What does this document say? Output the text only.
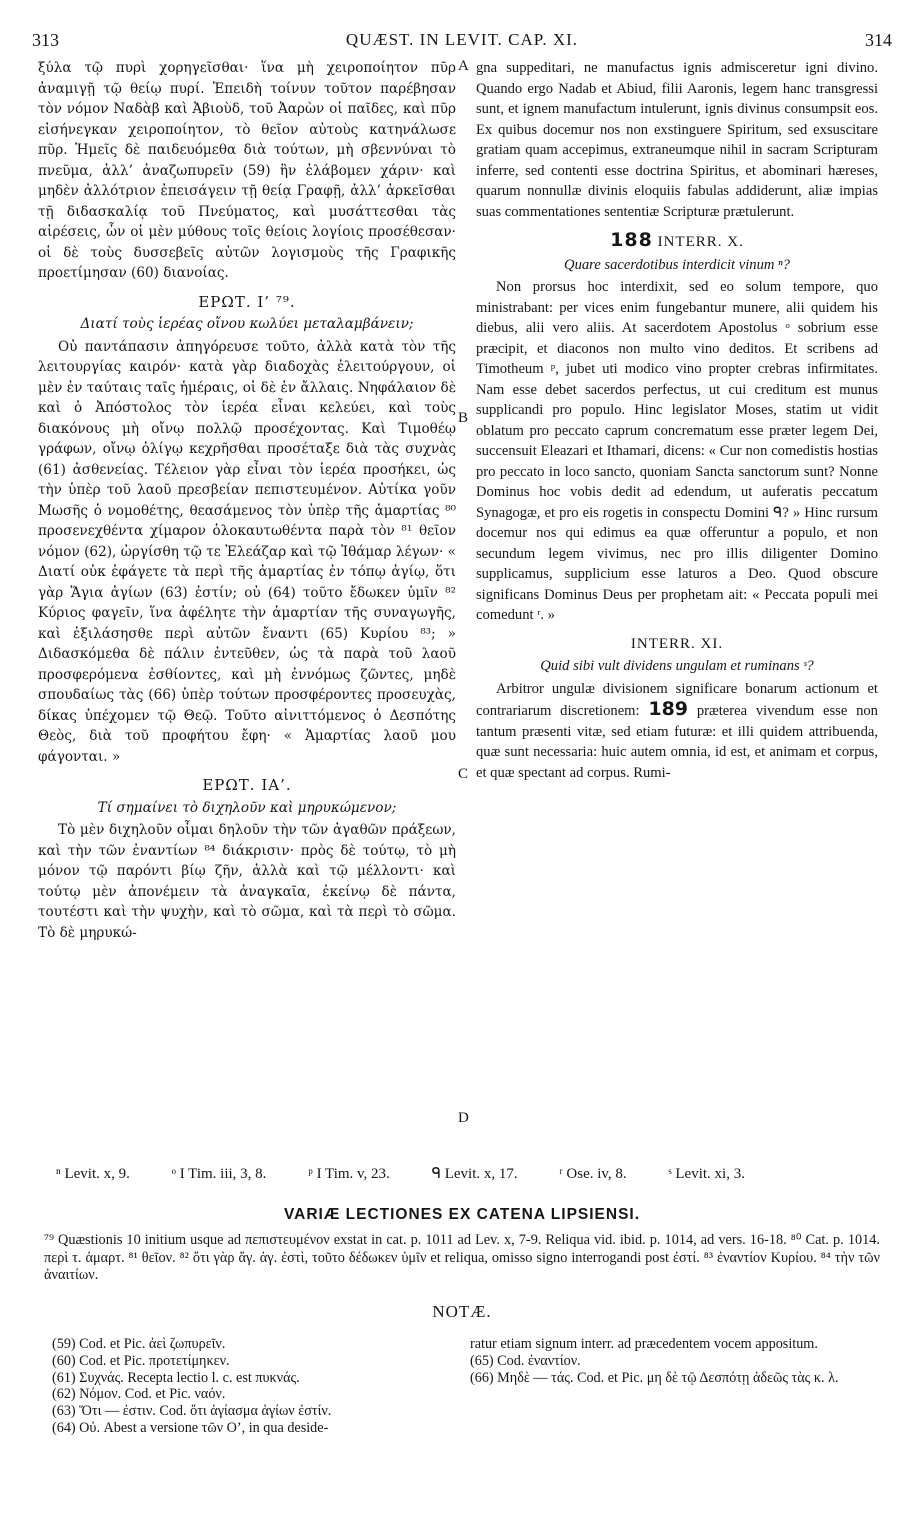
313	QUÆST. IN LEVIT. CAP. XI.	314

ξύλα τῷ πυρὶ χορηγεῖσθαι· ἵνα μὴ χειροποίητον πῦρ ἀναμιγῇ τῷ θείῳ πυρί. Ἐπειδὴ τοίνυν τοῦτον παρέβησαν τὸν νόμον Ναδὰβ καὶ Ἀβιοὺδ, τοῦ Ἀαρὼν οἱ παῖδες, καὶ πῦρ εἰσήνεγκαν χειροποίητον, τὸ θεῖον αὐτοὺς κατηνάλωσε πῦρ. Ἡμεῖς δὲ παιδευόμεθα διὰ τούτων, μὴ σβεννύναι τὸ πνεῦμα, ἀλλ’ ἀναζωπυρεῖν (59) ἣν ἐλάβομεν χάριν· καὶ μηδὲν ἀλλότριον ἐπεισάγειν τῇ θείᾳ Γραφῇ, ἀλλ’ ἀρκεῖσθαι τῇ διδασκαλίᾳ τοῦ Πνεύματος, καὶ μυσάττεσθαι τὰς αἱρέσεις, ὧν οἱ μὲν μύθους τοῖς θείοις λογίοις προσέθεσαν· οἱ δὲ τοὺς δυσσεβεῖς αὐτῶν λογισμοὺς τῆς Γραφικῆς προετίμησαν (60) διανοίας.

ΕΡΩΤ. Ι’ ⁷⁹.
Διατί τοὺς ἱερέας οἴνου κωλύει μεταλαμβάνειν;

Οὐ παντάπασιν ἀπηγόρευσε τοῦτο, ἀλλὰ κατὰ τὸν τῆς λειτουργίας καιρόν· κατὰ γὰρ διαδοχὰς ἐλειτούργουν, οἱ μὲν ἐν ταύταις ταῖς ἡμέραις, οἱ δὲ ἐν ἄλλαις. Νηφάλαιον δὲ καὶ ὁ Ἀπόστολος τὸν ἱερέα εἶναι κελεύει, καὶ τοὺς διακόνους μὴ οἴνῳ πολλῷ προσέχοντας. Καὶ Τιμοθέῳ γράφων, οἴνῳ ὀλίγῳ κεχρῆσθαι προσέταξε διὰ τὰς συχνὰς (61) ἀσθενείας. Τέλειον γὰρ εἶναι τὸν ἱερέα προσήκει, ὡς τὴν ὑπὲρ τοῦ λαοῦ πρεσβείαν πεπιστευμένον. Αὐτίκα γοῦν Μωσῆς ὁ νομοθέτης, θεασάμενος τὸν ὑπὲρ τῆς ἁμαρτίας ⁸⁰ προσενεχθέντα χίμαρον ὁλοκαυτωθέντα παρὰ τὸν ⁸¹ θεῖον νόμον (62), ὠργίσθη τῷ τε Ἐλεάζαρ καὶ τῷ Ἰθάμαρ λέγων· « Διατί οὐκ ἐφάγετε τὰ περὶ τῆς ἁμαρτίας ἐν τόπῳ ἁγίῳ, ὅτι γὰρ Ἅγια ἁγίων (63) ἐστίν; οὐ (64) τοῦτο ἔδωκεν ὑμῖν ⁸² Κύριος φαγεῖν, ἵνα ἀφέλητε τὴν ἁμαρτίαν τῆς συναγωγῆς, καὶ ἐξιλάσησθε περὶ αὐτῶν ἔναντι (65) Κυρίου ⁸³; » Διδασκόμεθα δὲ πάλιν ἐντεῦθεν, ὡς τὰ παρὰ τοῦ λαοῦ προσφερόμενα ἐσθίοντες, καὶ μὴ ἐννόμως ζῶντες, μηδὲ σπουδαίως τὰς (66) ὑπὲρ τούτων προσφέροντες προσευχὰς, δίκας ὑπέχομεν τῷ Θεῷ. Τοῦτο αἰνιττόμενος ὁ Δεσπότης Θεὸς, διὰ τοῦ προφήτου ἔφη· « Ἁμαρτίας λαοῦ μου φάγονται. »

ΕΡΩΤ. ΙΑ’.
Τί σημαίνει τὸ διχηλοῦν καὶ μηρυκώμενον;

Τὸ μὲν διχηλοῦν οἶμαι δηλοῦν τὴν τῶν ἀγαθῶν πράξεων, καὶ τὴν τῶν ἐναντίων ⁸⁴ διάκρισιν· πρὸς δὲ τούτῳ, τὸ μὴ μόνον τῷ παρόντι βίῳ ζῆν, ἀλλὰ καὶ τῷ μέλλοντι· καὶ τούτῳ μὲν ἀπονέμειν τὰ ἀναγκαῖα, ἐκείνῳ δὲ πάντα, τουτέστι καὶ τὴν ψυχὴν, καὶ τὸ σῶμα, καὶ τὰ περὶ τὸ σῶμα. Τὸ δὲ μηρυκώ-

A
B
C
D

gna suppeditari, ne manufactus ignis admisceretur igni divino. Quando ergo Nadab et Abiud, filii Aaronis, legem hanc transgressi sunt, et ignem manufactum intulerunt, ignis divinus consumpsit eos. Ex quibus docemur nos non exstinguere Spiritum, sed exsuscitare gratiam quam accepimus, extraneumque nihil in sacram Scripturam inferre, sed contenti esse doctrina Spiritus, et abominari hæreses, quarum nonnullæ divinis eloquiis fabulas addiderunt, aliæ impias suas commentationes sententiæ Scripturæ prætulerunt.

188 INTERR. X.
Quare sacerdotibus interdicit vinum ⁿ?

Non prorsus hoc interdixit, sed eo solum tempore, quo ministrabant: per vices enim fungebantur munere, alii quidem his diebus, alii vero aliis. At sacerdotem Apostolus ᵒ sobrium esse præcipit, et diaconos non multo vino deditos. Et scribens ad Timotheum ᵖ, jubet uti modico vino propter crebras infirmitates. Nam esse debet sacerdos perfectus, ut cui creditum est munus supplicandi pro populo. Hinc legislator Moses, statim ut vidit oblatum pro peccato caprum concrematum esse præter legem Dei, succensuit Eleazari et Ithamari, dicens: « Cur non comedistis hostias pro peccato in loco sancto, quoniam Sancta sanctorum sunt? Nonne Dominus hoc vobis dedit ad edendum, ut auferatis peccatum Synagogæ, et pro eis rogetis in conspectu Domini ᑫ? » Hinc rursum docemur nos qui edimus ea quæ offeruntur a populo, et non secundum legem vivimus, nec pro illis diligenter Domino supplicamus, supplicium esse laturos a Deo. Quod obscure significans Dominus Deus per prophetam ait: « Peccata populi mei comedunt ʳ. »

INTERR. XI.
Quid sibi vult dividens ungulam et ruminans ˢ?

Arbitror ungulæ divisionem significare bonarum actionum et contrariarum discretionem: 189 præterea vivendum esse non tantum præsenti vitæ, sed etiam futuræ: et illi quidem attribuenda, quæ sunt necessaria: huic autem omnia, id est, et animam et corpus, et quæ spectant ad corpus. Rumi-

ⁿ Levit. x, 9.	ᵒ I Tim. iii, 3, 8.	ᵖ I Tim. v, 23.	ᑫ Levit. x, 17.	ʳ Ose. iv, 8.	ˢ Levit. xi, 3.
VARIÆ LECTIONES EX CATENA LIPSIENSI.
⁷⁹ Quæstionis 10 initium usque ad πεπιστευμένον exstat in cat. p. 1011 ad Lev. x, 7-9. Reliqua vid. ibid. p. 1014, ad vers. 16-18. ⁸⁰ Cat. p. 1014. περὶ τ. ἁμαρτ. ⁸¹ θεῖον. ⁸² ὅτι γὰρ ἅγ. ἁγ. ἐστὶ, τοῦτο δέδωκεν ὑμῖν et reliqua, omisso signo interrogandi post ἐστί. ⁸³ ἐναντίον Κυρίου. ⁸⁴ τὴν τῶν ἀναιτίων.
NOTÆ.
(59) Cod. et Pic. ἀεὶ ζωπυρεῖν.
(60) Cod. et Pic. προτετίμηκεν.
(61) Συχνάς. Recepta lectio l. c. est πυκνάς.
(62) Νόμον. Cod. et Pic. ναόν.
(63) Ὅτι — ἐστιν. Cod. ὅτι ἁγίασμα ἁγίων ἐστίν.
(64) Οὐ. Abest a versione τῶν O’, in qua deside-
ratur etiam signum interr. ad præcedentem vocem appositum.
(65) Cod. ἐναντίον.
(66) Μηδὲ — τάς. Cod. et Pic. μη δὲ τῷ Δεσπότῃ ἀδεῶς τὰς κ. λ.
